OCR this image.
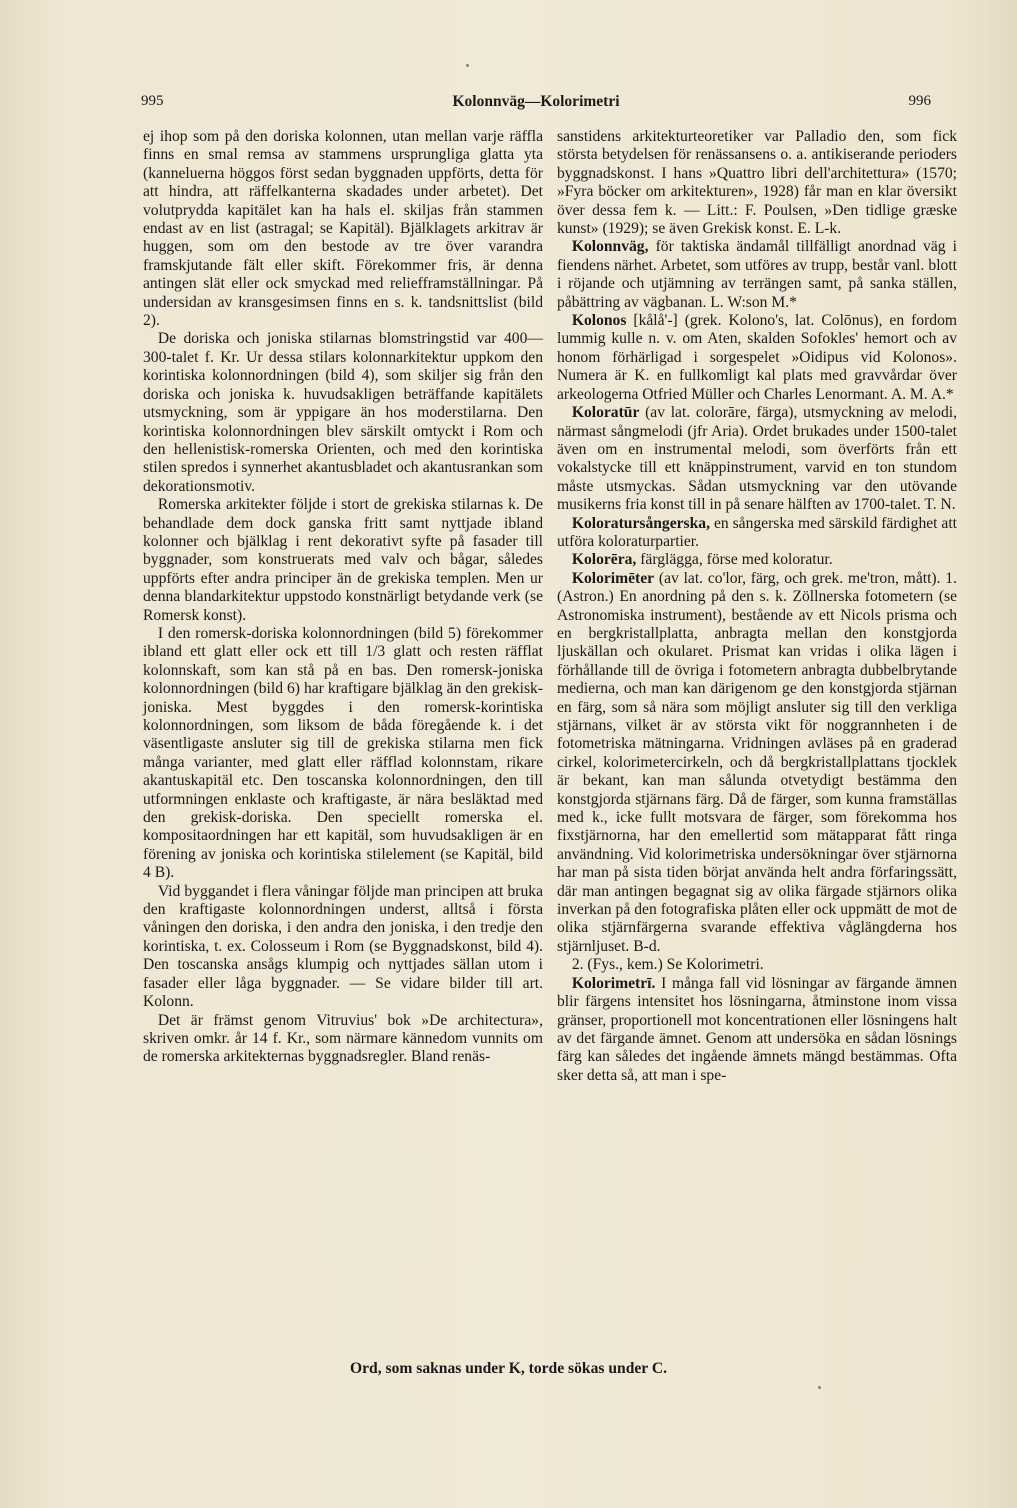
995	Kolonnväg—Kolorimetri	996

ej ihop som på den doriska kolonnen, utan mellan varje räffla finns en smal remsa av stammens ursprungliga glatta yta (kanneluerna höggos först sedan byggnaden uppförts, detta för att hindra, att räffelkanterna skadades under arbetet). Det volutprydda kapitälet kan ha hals el. skiljas från stammen endast av en list (astragal; se Kapitäl). Bjälklagets arkitrav är huggen, som om den bestode av tre över varandra framskjutande fält eller skift. Förekommer fris, är denna antingen slät eller ock smyckad med reliefframställningar. På undersidan av kransgesimsen finns en s. k. tandsnittslist (bild 2).

De doriska och joniska stilarnas blomstringstid var 400—300-talet f. Kr. Ur dessa stilars kolonnarkitektur uppkom den korintiska kolonnordningen (bild 4), som skiljer sig från den doriska och joniska k. huvudsakligen beträffande kapitälets utsmyckning, som är yppigare än hos moderstilarna. Den korintiska kolonnordningen blev särskilt omtyckt i Rom och den hellenistisk-romerska Orienten, och med den korintiska stilen spredos i synnerhet akantusbladet och akantusrankan som dekorationsmotiv.

Romerska arkitekter följde i stort de grekiska stilarnas k. De behandlade dem dock ganska fritt samt nyttjade ibland kolonner och bjälklag i rent dekorativt syfte på fasader till byggnader, som konstruerats med valv och bågar, således uppförts efter andra principer än de grekiska templen. Men ur denna blandarkitektur uppstodo konstnärligt betydande verk (se Romersk konst).

I den romersk-doriska kolonnordningen (bild 5) förekommer ibland ett glatt eller ock ett till 1/3 glatt och resten räfflat kolonnskaft, som kan stå på en bas. Den romersk-joniska kolonnordningen (bild 6) har kraftigare bjälklag än den grekisk-joniska. Mest byggdes i den romersk-korintiska kolonnordningen, som liksom de båda föregående k. i det väsentligaste ansluter sig till de grekiska stilarna men fick många varianter, med glatt eller räfflad kolonnstam, rikare akantuskapitäl etc. Den toscanska kolonnordningen, den till utformningen enklaste och kraftigaste, är nära besläktad med den grekisk-doriska. Den speciellt romerska el. kompositaordningen har ett kapitäl, som huvudsakligen är en förening av joniska och korintiska stilelement (se Kapitäl, bild 4 B).

Vid byggandet i flera våningar följde man principen att bruka den kraftigaste kolonnordningen underst, alltså i första våningen den doriska, i den andra den joniska, i den tredje den korintiska, t. ex. Colosseum i Rom (se Byggnadskonst, bild 4). Den toscanska ansågs klumpig och nyttjades sällan utom i fasader eller låga byggnader. — Se vidare bilder till art. Kolonn.

Det är främst genom Vitruvius' bok »De architectura», skriven omkr. år 14 f. Kr., som närmare kännedom vunnits om de romerska arkitekternas byggnadsregler. Bland renäs-

sanstidens arkitekturteoretiker var Palladio den, som fick största betydelsen för renässansens o. a. antikiserande perioders byggnadskonst. I hans »Quattro libri dell'architettura» (1570; »Fyra böcker om arkitekturen», 1928) får man en klar översikt över dessa fem k. — Litt.: F. Poulsen, »Den tidlige græske kunst» (1929); se även Grekisk konst. E. L-k.

Kolonnväg, för taktiska ändamål tillfälligt anordnad väg i fiendens närhet. Arbetet, som utföres av trupp, består vanl. blott i röjande och utjämning av terrängen samt, på sanka ställen, påbättring av vägbanan. L. W:son M.*

Kolonos [kålå'-] (grek. Kolono's, lat. Colōnus), en fordom lummig kulle n. v. om Aten, skalden Sofokles' hemort och av honom förhärligad i sorgespelet »Oidipus vid Kolonos». Numera är K. en fullkomligt kal plats med gravvårdar över arkeologerna Otfried Müller och Charles Lenormant. A. M. A.*

Koloratūr (av lat. colorāre, färga), utsmyckning av melodi, närmast sångmelodi (jfr Aria). Ordet brukades under 1500-talet även om en instrumental melodi, som överförts från ett vokalstycke till ett knäppinstrument, varvid en ton stundom måste utsmyckas. Sådan utsmyckning var den utövande musikerns fria konst till in på senare hälften av 1700-talet. T. N.

Koloratursångerska, en sångerska med särskild färdighet att utföra koloraturpartier.

Kolorēra, färglägga, förse med koloratur.

Kolorimēter (av lat. co'lor, färg, och grek. me'tron, mått). 1. (Astron.) En anordning på den s. k. Zöllnerska fotometern (se Astronomiska instrument), bestående av ett Nicols prisma och en bergkristallplatta, anbragta mellan den konstgjorda ljuskällan och okularet. Prismat kan vridas i olika lägen i förhållande till de övriga i fotometern anbragta dubbelbrytande medierna, och man kan därigenom ge den konstgjorda stjärnan en färg, som så nära som möjligt ansluter sig till den verkliga stjärnans, vilket är av största vikt för noggrannheten i de fotometriska mätningarna. Vridningen avläses på en graderad cirkel, kolorimetercirkeln, och då bergkristallplattans tjocklek är bekant, kan man sålunda otvetydigt bestämma den konstgjorda stjärnans färg. Då de färger, som kunna framställas med k., icke fullt motsvara de färger, som förekomma hos fixstjärnorna, har den emellertid som mätapparat fått ringa användning. Vid kolorimetriska undersökningar över stjärnorna har man på sista tiden börjat använda helt andra förfaringssätt, där man antingen begagnat sig av olika färgade stjärnors olika inverkan på den fotografiska plåten eller ock uppmätt de mot de olika stjärnfärgerna svarande effektiva våglängderna hos stjärnljuset. B-d.

2. (Fys., kem.) Se Kolorimetri.

Kolorimetrī. I många fall vid lösningar av färgande ämnen blir färgens intensitet hos lösningarna, åtminstone inom vissa gränser, proportionell mot koncentrationen eller lösningens halt av det färgande ämnet. Genom att undersöka en sådan lösnings färg kan således det ingående ämnets mängd bestämmas. Ofta sker detta så, att man i spe-

Ord, som saknas under K, torde sökas under C.
